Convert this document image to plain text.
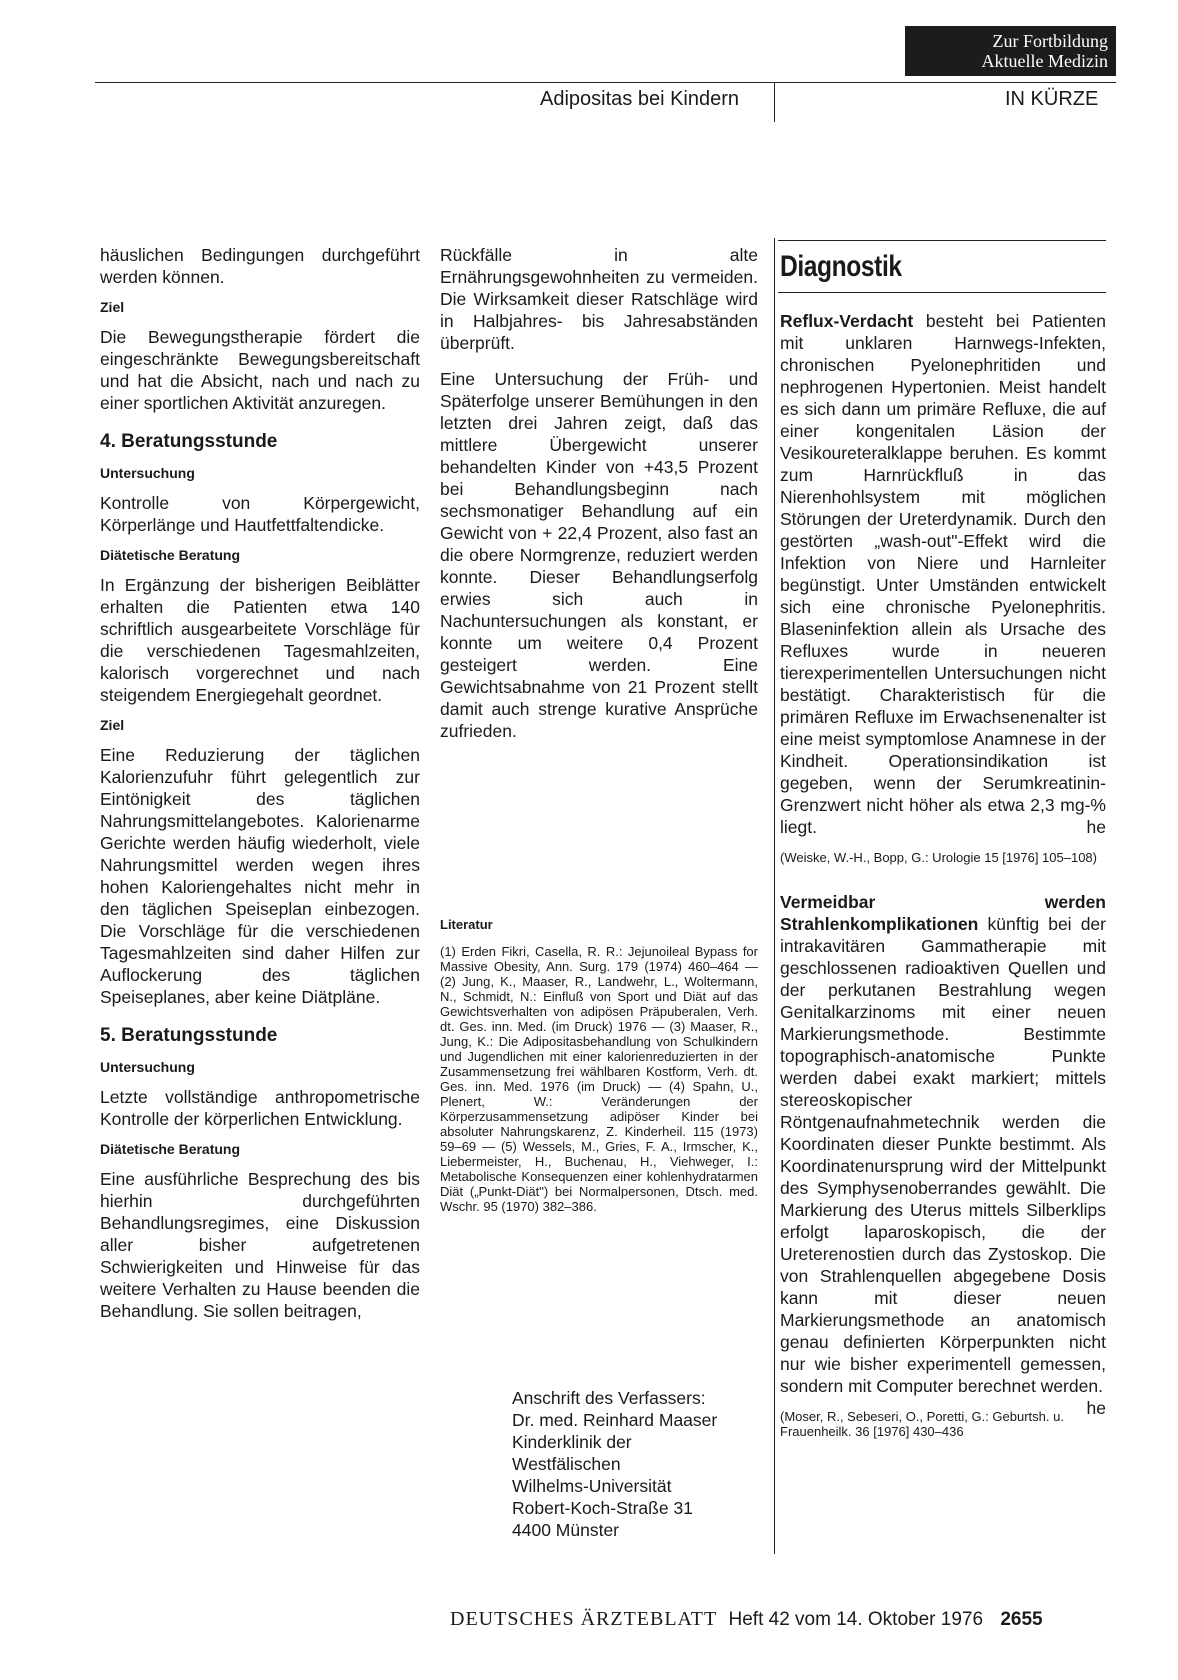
Zur Fortbildung
Aktuelle Medizin
Adipositas bei Kindern	IN KÜRZE

häuslichen Bedingungen durchgeführt werden können.

Ziel

Die Bewegungstherapie fördert die eingeschränkte Bewegungsbereitschaft und hat die Absicht, nach und nach zu einer sportlichen Aktivität anzuregen.

4. Beratungsstunde
Untersuchung

Kontrolle von Körpergewicht, Körperlänge und Hautfettfaltendicke.

Diätetische Beratung

In Ergänzung der bisherigen Beiblätter erhalten die Patienten etwa 140 schriftlich ausgearbeitete Vorschläge für die verschiedenen Tagesmahlzeiten, kalorisch vorgerechnet und nach steigendem Energiegehalt geordnet.

Ziel

Eine Reduzierung der täglichen Kalorienzufuhr führt gelegentlich zur Eintönigkeit des täglichen Nahrungsmittelangebotes. Kalorienarme Gerichte werden häufig wiederholt, viele Nahrungsmittel werden wegen ihres hohen Kaloriengehaltes nicht mehr in den täglichen Speiseplan einbezogen. Die Vorschläge für die verschiedenen Tagesmahlzeiten sind daher Hilfen zur Auflockerung des täglichen Speiseplanes, aber keine Diätpläne.

5. Beratungsstunde
Untersuchung

Letzte vollständige anthropometrische Kontrolle der körperlichen Entwicklung.

Diätetische Beratung

Eine ausführliche Besprechung des bis hierhin durchgeführten Behandlungsregimes, eine Diskussion aller bisher aufgetretenen Schwierigkeiten und Hinweise für das weitere Verhalten zu Hause beenden die Behandlung. Sie sollen beitragen,

Rückfälle in alte Ernährungsgewohnheiten zu vermeiden. Die Wirksamkeit dieser Ratschläge wird in Halbjahres- bis Jahresabständen überprüft.

Eine Untersuchung der Früh- und Späterfolge unserer Bemühungen in den letzten drei Jahren zeigt, daß das mittlere Übergewicht unserer behandelten Kinder von +43,5 Prozent bei Behandlungsbeginn nach sechsmonatiger Behandlung auf ein Gewicht von + 22,4 Prozent, also fast an die obere Normgrenze, reduziert werden konnte. Dieser Behandlungserfolg erwies sich auch in Nachuntersuchungen als konstant, er konnte um weitere 0,4 Prozent gesteigert werden. Eine Gewichtsabnahme von 21 Prozent stellt damit auch strenge kurative Ansprüche zufrieden.

Literatur

(1) Erden Fikri, Casella, R. R.: Jejunoileal Bypass for Massive Obesity, Ann. Surg. 179 (1974) 460–464 — (2) Jung, K., Maaser, R., Landwehr, L., Woltermann, N., Schmidt, N.: Einfluß von Sport und Diät auf das Gewichtsverhalten von adipösen Präpuberalen, Verh. dt. Ges. inn. Med. (im Druck) 1976 — (3) Maaser, R., Jung, K.: Die Adipositasbehandlung von Schulkindern und Jugendlichen mit einer kalorienreduzierten in der Zusammensetzung frei wählbaren Kostform, Verh. dt. Ges. inn. Med. 1976 (im Druck) — (4) Spahn, U., Plenert, W.: Veränderungen der Körperzusammensetzung adipöser Kinder bei absoluter Nahrungskarenz, Z. Kinderheil. 115 (1973) 59–69 — (5) Wessels, M., Gries, F. A., Irmscher, K., Liebermeister, H., Buchenau, H., Viehweger, I.: Metabolische Konsequenzen einer kohlenhydratarmen Diät („Punkt-Diät") bei Normalpersonen, Dtsch. med. Wschr. 95 (1970) 382–386.

Anschrift des Verfassers:
Dr. med. Reinhard Maaser
Kinderklinik der
Westfälischen
Wilhelms-Universität
Robert-Koch-Straße 31
4400 Münster
Diagnostik

Reflux-Verdacht besteht bei Patienten mit unklaren Harnwegs-Infekten, chronischen Pyelonephritiden und nephrogenen Hypertonien. Meist handelt es sich dann um primäre Refluxe, die auf einer kongenitalen Läsion der Vesikoureteralklappe beruhen. Es kommt zum Harnrückfluß in das Nierenhohlsystem mit möglichen Störungen der Ureterdynamik. Durch den gestörten „wash-out"-Effekt wird die Infektion von Niere und Harnleiter begünstigt. Unter Umständen entwickelt sich eine chronische Pyelonephritis. Blaseninfektion allein als Ursache des Refluxes wurde in neueren tierexperimentellen Untersuchungen nicht bestätigt. Charakteristisch für die primären Refluxe im Erwachsenenalter ist eine meist symptomlose Anamnese in der Kindheit. Operationsindikation ist gegeben, wenn der Serumkreatinin-Grenzwert nicht höher als etwa 2,3 mg-% liegt.	he

(Weiske, W.-H., Bopp, G.: Urologie 15 [1976] 105–108)

Vermeidbar werden Strahlenkomplikationen künftig bei der intrakavitären Gammatherapie mit geschlossenen radioaktiven Quellen und der perkutanen Bestrahlung wegen Genitalkarzinoms mit einer neuen Markierungsmethode. Bestimmte topographisch-anatomische Punkte werden dabei exakt markiert; mittels stereoskopischer Röntgenaufnahmetechnik werden die Koordinaten dieser Punkte bestimmt. Als Koordinatenursprung wird der Mittelpunkt des Symphysenoberrandes gewählt. Die Markierung des Uterus mittels Silberklips erfolgt laparoskopisch, die der Ureterenostien durch das Zystoskop. Die von Strahlenquellen abgegebene Dosis kann mit dieser neuen Markierungsmethode an anatomisch genau definierten Körperpunkten nicht nur wie bisher experimentell gemessen, sondern mit Computer berechnet werden.
he

(Moser, R., Sebeseri, O., Poretti, G.: Geburtsh. u. Frauenheilk. 36 [1976] 430–436

DEUTSCHES ÄRZTEBLATT Heft 42 vom 14. Oktober 1976 2655
